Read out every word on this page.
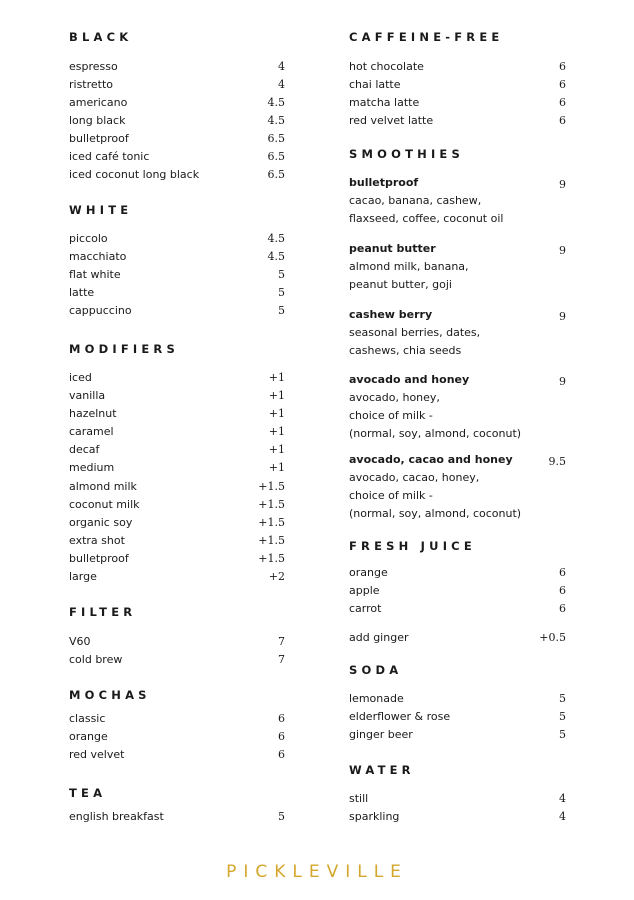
BLACK
espresso	4
ristretto	4
americano	4.5
long black	4.5
bulletproof	6.5
iced café tonic	6.5
iced coconut long black	6.5
WHITE
piccolo	4.5
macchiato	4.5
flat white	5
latte	5
cappuccino	5
MODIFIERS
iced	+1
vanilla	+1
hazelnut	+1
caramel	+1
decaf	+1
medium	+1
almond milk	+1.5
coconut milk	+1.5
organic soy	+1.5
extra shot	+1.5
bulletproof	+1.5
large	+2
FILTER
V60	7
cold brew	7
MOCHAS
classic	6
orange	6
red velvet	6
TEA
english breakfast	5
CAFFEINE-FREE
hot chocolate	6
chai latte	6
matcha latte	6
red velvet latte	6
SMOOTHIES
bulletproof	9
cacao, banana, cashew,
flaxseed, coffee, coconut oil
peanut butter	9
almond milk, banana,
peanut butter, goji
cashew berry	9
seasonal berries, dates,
cashews, chia seeds
avocado and honey	9
avocado, honey,
choice of milk -
(normal, soy, almond, coconut)
avocado, cacao and honey	9.5
avocado, cacao, honey,
choice of milk -
(normal, soy, almond, coconut)
FRESH JUICE
orange	6
apple	6
carrot	6
add ginger	+0.5
SODA
lemonade	5
elderflower & rose	5
ginger beer	5
WATER
still	4
sparkling	4
PICKLEVILLE
